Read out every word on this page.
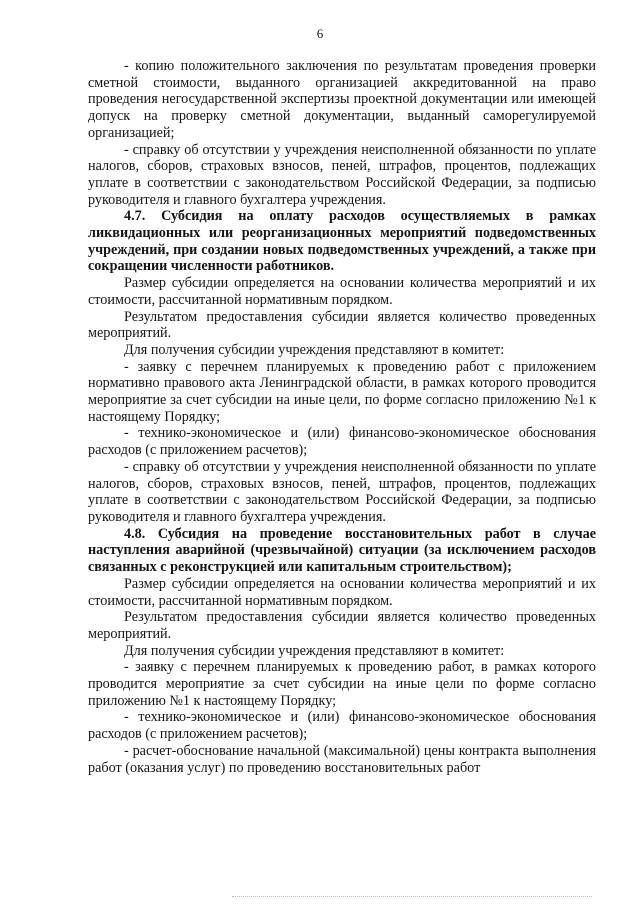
6

- копию положительного заключения по результатам проведения проверки сметной стоимости, выданного организацией аккредитованной на право проведения негосударственной экспертизы проектной документации или имеющей допуск на проверку сметной документации, выданный саморегулируемой организацией;

- справку об отсутствии у учреждения неисполненной обязанности по уплате налогов, сборов, страховых взносов, пеней, штрафов, процентов, подлежащих уплате в соответствии с законодательством Российской Федерации, за подписью руководителя и главного бухгалтера учреждения.

4.7. Субсидия на оплату расходов осуществляемых в рамках ликвидационных или реорганизационных мероприятий подведомственных учреждений, при создании новых подведомственных учреждений, а также при сокращении численности работников.

Размер субсидии определяется на основании количества мероприятий и их стоимости, рассчитанной нормативным порядком.

Результатом предоставления субсидии является количество проведенных мероприятий.

Для получения субсидии учреждения представляют в комитет:

- заявку с перечнем планируемых к проведению работ с приложением нормативно правового акта Ленинградской области, в рамках которого проводится мероприятие за счет субсидии на иные цели, по форме согласно приложению №1 к настоящему Порядку;

- технико-экономическое и (или) финансово-экономическое обоснования расходов (с приложением расчетов);

- справку об отсутствии у учреждения неисполненной обязанности по уплате налогов, сборов, страховых взносов, пеней, штрафов, процентов, подлежащих уплате в соответствии с законодательством Российской Федерации, за подписью руководителя и главного бухгалтера учреждения.

4.8. Субсидия на проведение восстановительных работ в случае наступления аварийной (чрезвычайной) ситуации (за исключением расходов связанных с реконструкцией или капитальным строительством);

Размер субсидии определяется на основании количества мероприятий и их стоимости, рассчитанной нормативным порядком.

Результатом предоставления субсидии является количество проведенных мероприятий.

Для получения субсидии учреждения представляют в комитет:

- заявку с перечнем планируемых к проведению работ, в рамках которого проводится мероприятие за счет субсидии на иные цели по форме согласно приложению №1 к настоящему Порядку;

- технико-экономическое и (или) финансово-экономическое обоснования расходов (с приложением расчетов);

- расчет-обоснование начальной (максимальной) цены контракта выполнения работ (оказания услуг) по проведению восстановительных работ
